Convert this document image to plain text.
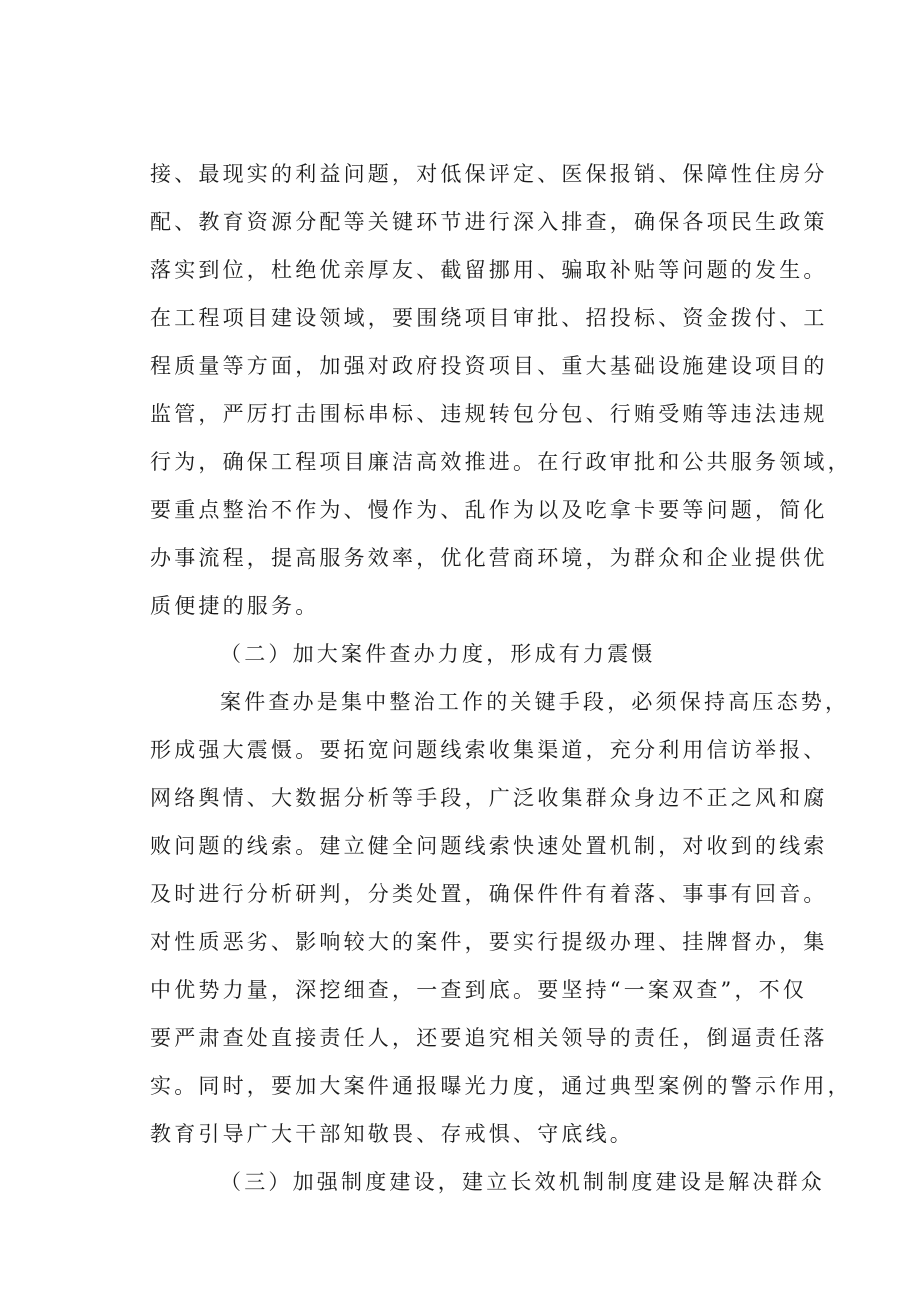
接、最现实的利益问题，对低保评定、医保报销、保障性住房分
配、教育资源分配等关键环节进行深入排查，确保各项民生政策
落实到位，杜绝优亲厚友、截留挪用、骗取补贴等问题的发生。
在工程项目建设领域，要围绕项目审批、招投标、资金拨付、工
程质量等方面，加强对政府投资项目、重大基础设施建设项目的
监管，严厉打击围标串标、违规转包分包、行贿受贿等违法违规
行为，确保工程项目廉洁高效推进。在行政审批和公共服务领域，
要重点整治不作为、慢作为、乱作为以及吃拿卡要等问题，简化
办事流程，提高服务效率，优化营商环境，为群众和企业提供优
质便捷的服务。
（二）加大案件查办力度，形成有力震慑
案件查办是集中整治工作的关键手段，必须保持高压态势，
形成强大震慑。要拓宽问题线索收集渠道，充分利用信访举报、
网络舆情、大数据分析等手段，广泛收集群众身边不正之风和腐
败问题的线索。建立健全问题线索快速处置机制，对收到的线索
及时进行分析研判，分类处置，确保件件有着落、事事有回音。
对性质恶劣、影响较大的案件，要实行提级办理、挂牌督办，集
中优势力量，深挖细查，一查到底。要坚持“一案双查”，不仅
要严肃查处直接责任人，还要追究相关领导的责任，倒逼责任落
实。同时，要加大案件通报曝光力度，通过典型案例的警示作用，
教育引导广大干部知敬畏、存戒惧、守底线。
（三）加强制度建设，建立长效机制制度建设是解决群众
